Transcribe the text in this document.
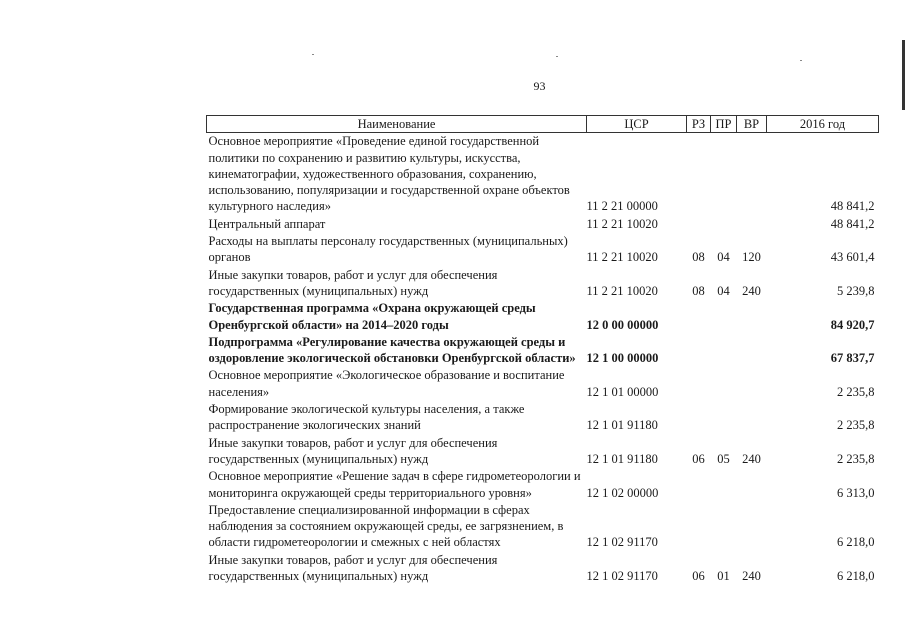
93
Наименование	ЦСР	РЗ	ПР	ВР	2016 год
Основное мероприятие «Проведение единой государственной политики по сохранению и развитию культуры, искусства, кинематографии, художественного образования, сохранению, использованию, популяризации и государственной охране объектов культурного наследия»	11 2 21 00000				48 841,2
Центральный аппарат	11 2 21 10020				48 841,2
Расходы на выплаты персоналу государственных (муниципальных) органов	11 2 21 10020	08	04	120	43 601,4
Иные закупки товаров, работ и услуг для обеспечения государственных (муниципальных) нужд	11 2 21 10020	08	04	240	5 239,8
Государственная программа «Охрана окружающей среды Оренбургской области» на 2014–2020 годы	12 0 00 00000				84 920,7
Подпрограмма «Регулирование качества окружающей среды и оздоровление экологической обстановки Оренбургской области»	12 1 00 00000				67 837,7
Основное мероприятие «Экологическое образование и воспитание населения»	12 1 01 00000				2 235,8
Формирование экологической культуры населения, а также распространение экологических знаний	12 1 01 91180				2 235,8
Иные закупки товаров, работ и услуг для обеспечения государственных (муниципальных) нужд	12 1 01 91180	06	05	240	2 235,8
Основное мероприятие «Решение задач в сфере гидрометеорологии и мониторинга окружающей среды территориального уровня»	12 1 02 00000				6 313,0
Предоставление специализированной информации в сферах наблюдения за состоянием окружающей среды, ее загрязнением, в области гидрометеорологии и смежных с ней областях	12 1 02 91170				6 218,0
Иные закупки товаров, работ и услуг для обеспечения государственных (муниципальных) нужд	12 1 02 91170	06	01	240	6 218,0
